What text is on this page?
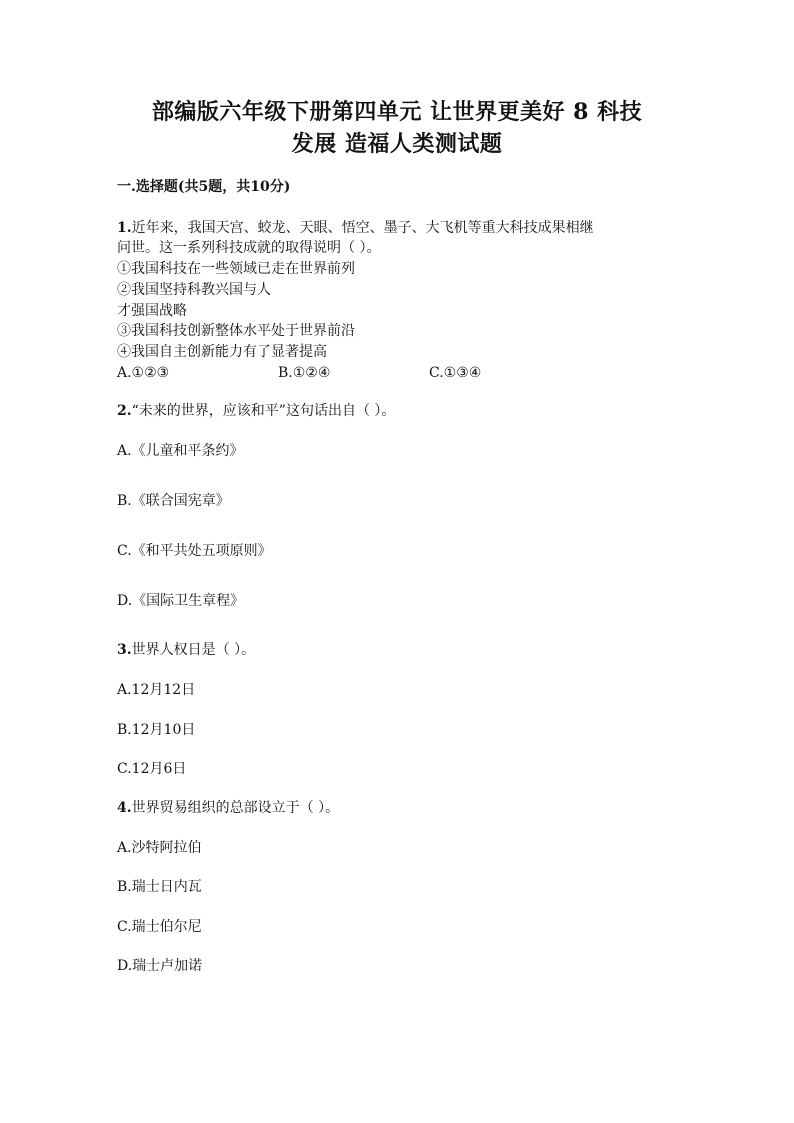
部编版六年级下册第四单元 让世界更美好 8 科技
发展 造福人类测试题
一.选择题(共5题，共10分)
1.近年来，我国天宫、蛟龙、天眼、悟空、墨子、大飞机等重大科技成果相继
问世。这一系列科技成就的取得说明（ ）。
①我国科技在一些领域已走在世界前列
②我国坚持科教兴国与人
才强国战略
③我国科技创新整体水平处于世界前沿
④我国自主创新能力有了显著提高
A.①②③	B.①②④	C.①③④
2.“未来的世界，应该和平”这句话出自（ ）。
A.《儿童和平条约》
B.《联合国宪章》
C.《和平共处五项原则》
D.《国际卫生章程》
3.世界人权日是（ ）。
A.12月12日
B.12月10日
C.12月6日
4.世界贸易组织的总部设立于（ ）。
A.沙特阿拉伯
B.瑞士日内瓦
C.瑞士伯尔尼
D.瑞士卢加诺
